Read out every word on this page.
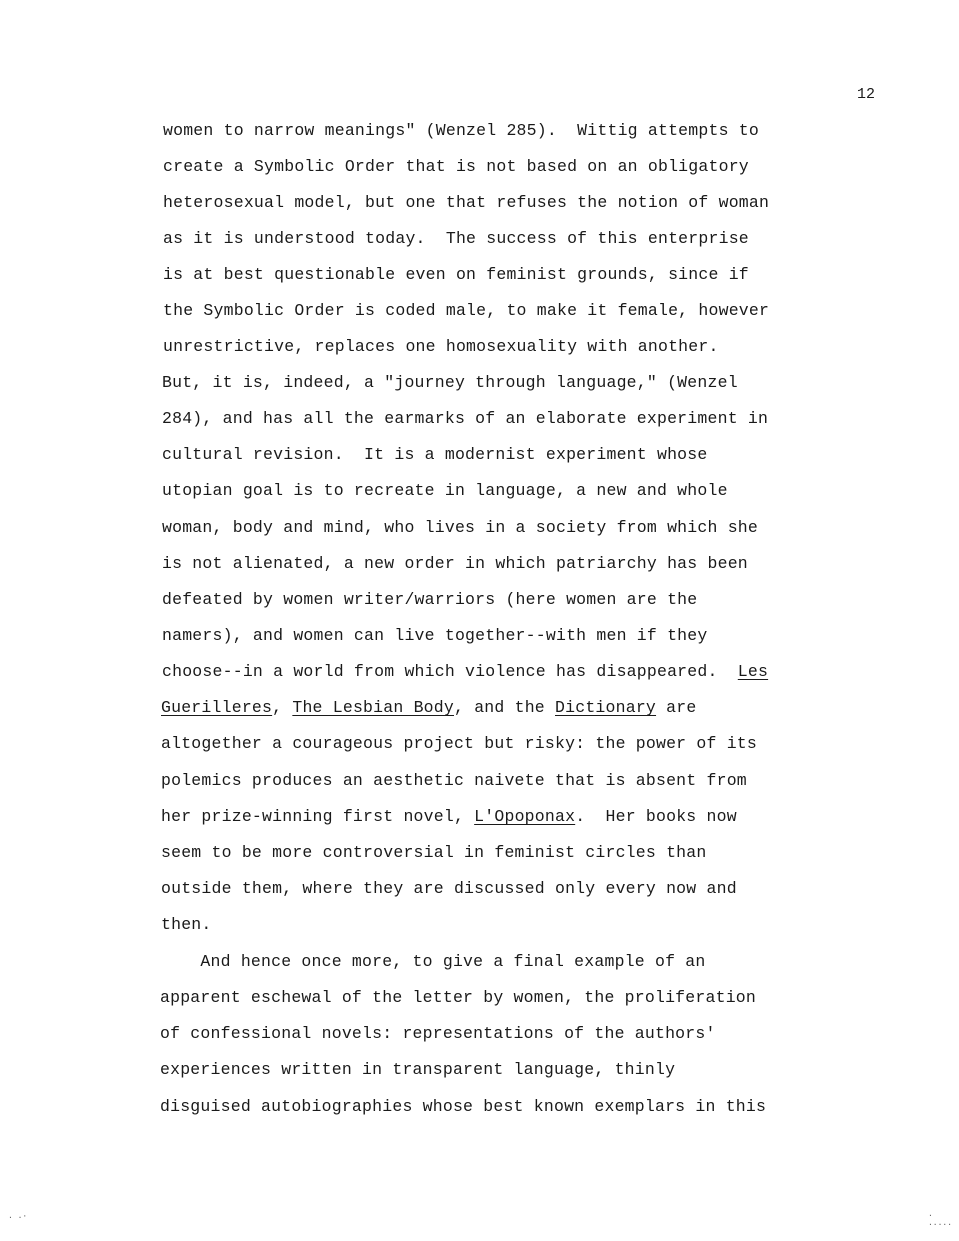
12
women to narrow meanings" (Wenzel 285).  Wittig attempts to
create a Symbolic Order that is not based on an obligatory
heterosexual model, but one that refuses the notion of woman
as it is understood today.  The success of this enterprise
is at best questionable even on feminist grounds, since if
the Symbolic Order is coded male, to make it female, however
unrestrictive, replaces one homosexuality with another.
But, it is, indeed, a "journey through language," (Wenzel
284), and has all the earmarks of an elaborate experiment in
cultural revision.  It is a modernist experiment whose
utopian goal is to recreate in language, a new and whole
woman, body and mind, who lives in a society from which she
is not alienated, a new order in which patriarchy has been
defeated by women writer/warriors (here women are the
namers), and women can live together--with men if they
choose--in a world from which violence has disappeared.  Les
Guerilleres, The Lesbian Body, and the Dictionary are
altogether a courageous project but risky: the power of its
polemics produces an aesthetic naivete that is absent from
her prize-winning first novel, L'Opoponax.  Her books now
seem to be more controversial in feminist circles than
outside them, where they are discussed only every now and
then.
And hence once more, to give a final example of an
apparent eschewal of the letter by women, the proliferation
of confessional novels: representations of the authors'
experiences written in transparent language, thinly
disguised autobiographies whose best known exemplars in this
. .·	. .....
